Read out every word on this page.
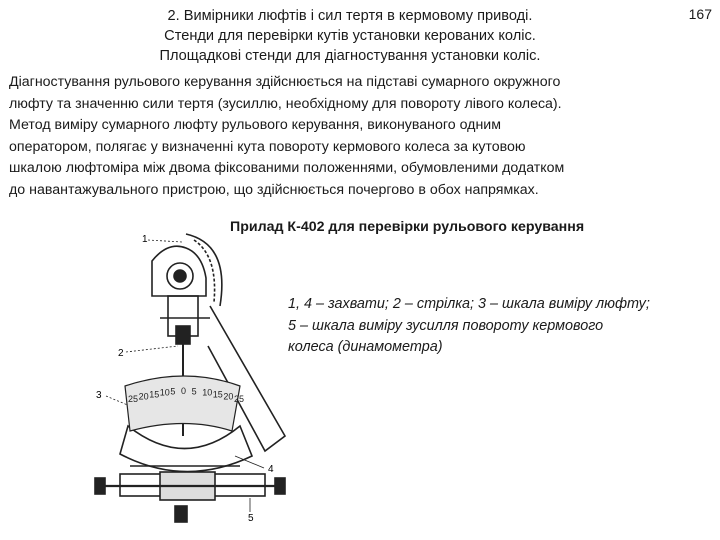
2. Вимірники люфтів і сил тертя в кермовому приводі.
Стенди для перевірки кутів установки керованих коліс.
Площадкові стенди для діагностування установки коліс.
167
Діагностування рульового керування здійснюється на підставі сумарного окружного
люфту та значенню сили тертя (зусиллю, необхідному для повороту лівого колеса).
Метод виміру сумарного люфту рульового керування, виконуваного одним
оператором, полягає у визначенні кута повороту кермового колеса за кутовою
шкалою люфтоміра між двома фіксованими положеннями, обумовленими додатком
до навантажувального пристрою, що здійснюється почергово в обох напрямках.
Прилад К-402 для перевірки рульового керування
1, 4 – захвати; 2 – стрілка; 3 – шкала виміру люфту;
5 – шкала виміру зусилля повороту кермового
колеса (динамометра)
25 20 15 10 5 0 5 10 15 20 25
1
2
3
4
5
